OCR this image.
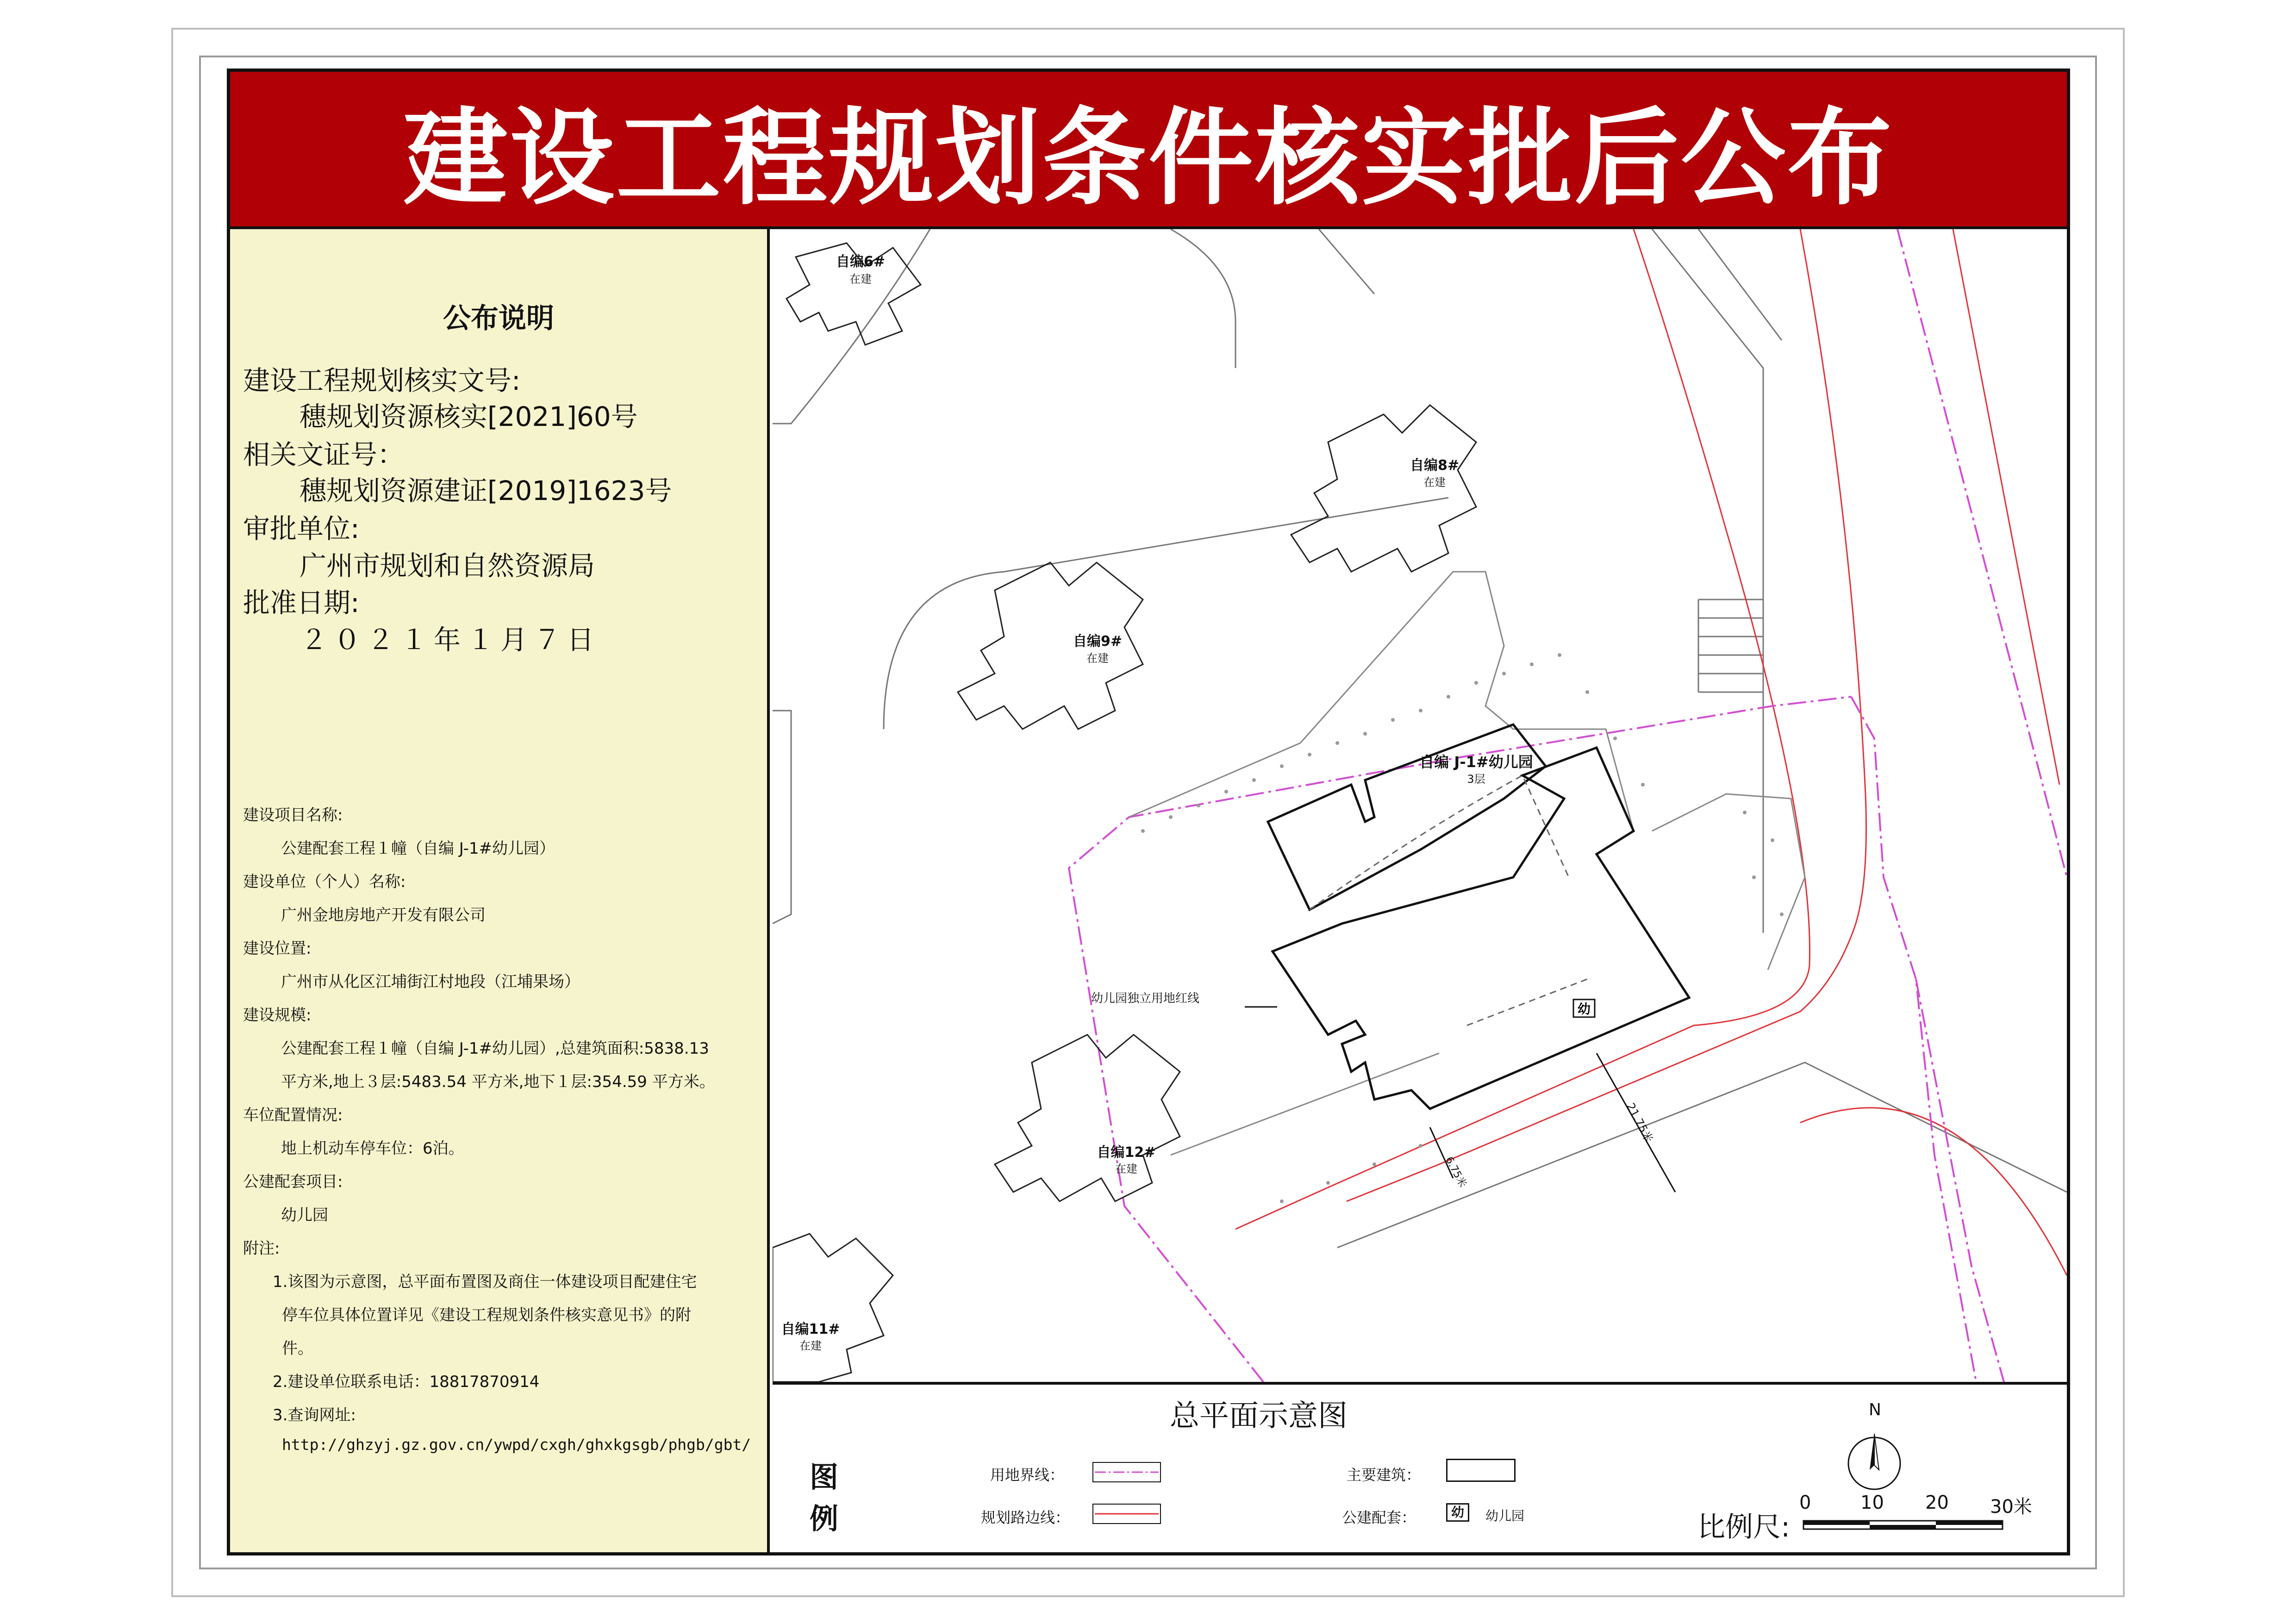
建设工程规划条件核实批后公布
公布说明
建设工程规划核实文号:
穗规划资源核实[2021]60号
相关文证号：
穗规划资源建证[2019]1623号
审批单位:
广州市规划和自然资源局
批准日期:
２０２１年１月７日
建设项目名称:
公建配套工程１幢（自编 J-1#幼儿园）
建设单位（个人）名称:
广州金地房地产开发有限公司
建设位置:
广州市从化区江埔街江村地段（江埔果场）
建设规模:
公建配套工程１幢（自编 J-1#幼儿园）,总建筑面积:5838.13
平方米,地上３层:5483.54 平方米,地下１层:354.59 平方米。
车位配置情况:
地上机动车停车位：6泊。
公建配套项目:
幼儿园
附注:
1.该图为示意图，总平面布置图及商住一体建设项目配建住宅
停车位具体位置详见《建设工程规划条件核实意见书》的附
件。
2.建设单位联系电话：18817870914
3.查询网址:
http://ghzyj.gz.gov.cn/ywpd/cxgh/ghxkgsgb/phgb/gbt/
自编6#
在建
自编8#
在建
自编9#
在建
自编12#
在建
自编11#
在建
自编 J-1#幼儿园
3层
幼儿园独立用地红线
21.75米
6.75米
幼
总平面示意图
图
例
用地界线：
规划路边线：
主要建筑：
公建配套：	幼	幼儿园
N
比例尺:
0	10 20 30米
